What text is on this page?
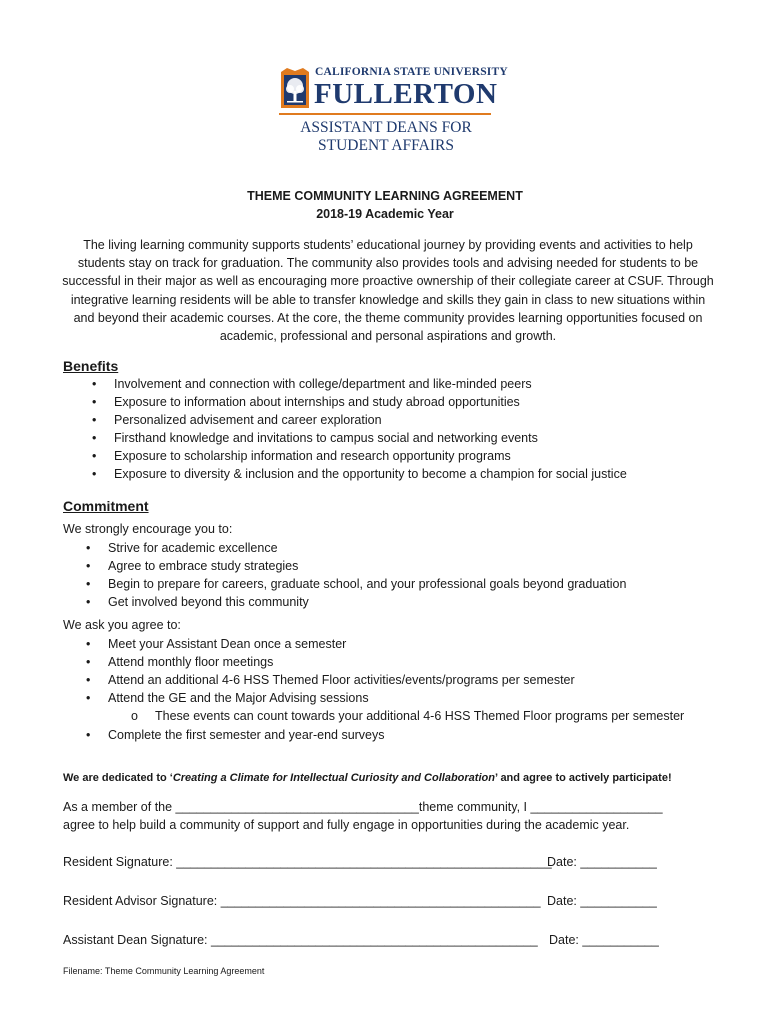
CALIFORNIA STATE UNIVERSITY
FULLERTON
ASSISTANT DEANS FOR
STUDENT AFFAIRS
THEME COMMUNITY LEARNING AGREEMENT
2018-19 Academic Year
The living learning community supports students’ educational journey by providing events and activities to help students stay on track for graduation. The community also provides tools and advising needed for students to be successful in their major as well as encouraging more proactive ownership of their collegiate career at CSUF. Through integrative learning residents will be able to transfer knowledge and skills they gain in class to new situations within and beyond their academic courses. At the core, the theme community provides learning opportunities focused on academic, professional and personal aspirations and growth.
Benefits
•	Involvement and connection with college/department and like-minded peers
•	Exposure to information about internships and study abroad opportunities
•	Personalized advisement and career exploration
•	Firsthand knowledge and invitations to campus social and networking events
•	Exposure to scholarship information and research opportunity programs
•	Exposure to diversity & inclusion and the opportunity to become a champion for social justice
Commitment
We strongly encourage you to:
•	Strive for academic excellence
•	Agree to embrace study strategies
•	Begin to prepare for careers, graduate school, and your professional goals beyond graduation
•	Get involved beyond this community
We ask you agree to:
•	Meet your Assistant Dean once a semester
•	Attend monthly floor meetings
•	Attend an additional 4-6 HSS Themed Floor activities/events/programs per semester
•	Attend the GE and the Major Advising sessions
o These events can count towards your additional 4-6 HSS Themed Floor programs per semester
•	Complete the first semester and year-end surveys
We are dedicated to ‘Creating a Climate for Intellectual Curiosity and Collaboration’ and agree to actively participate!
As a member of the ___________________________________theme community, I ___________________
agree to help build a community of support and fully engage in opportunities during the academic year.
Resident Signature: ______________________________________________________
Date: ___________
Resident Advisor Signature: ______________________________________________ Date: ___________
Assistant Dean Signature: _______________________________________________ Date: ___________
Filename: Theme Community Learning Agreement
